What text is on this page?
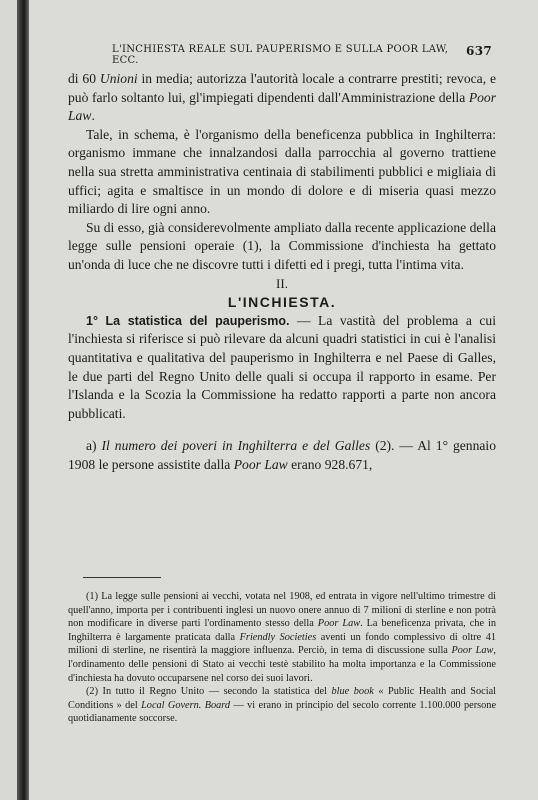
L'INCHIESTA REALE SUL PAUPERISMO E SULLA POOR LAW, ECC.
637

di 60 Unioni in media; autorizza l'autorità locale a contrarre prestiti; revoca, e può farlo soltanto lui, gl'impiegati dipendenti dall'Amministrazione della Poor Law.

Tale, in schema, è l'organismo della beneficenza pubblica in Inghilterra: organismo immane che innalzandosi dalla parrocchia al governo trattiene nella sua stretta amministrativa centinaia di stabilimenti pubblici e migliaia di uffici; agita e smaltisce in un mondo di dolore e di miseria quasi mezzo miliardo di lire ogni anno.

Su di esso, già considerevolmente ampliato dalla recente applicazione della legge sulle pensioni operaie (1), la Commissione d'inchiesta ha gettato un'onda di luce che ne discovre tutti i difetti ed i pregi, tutta l'intima vita.

II.

L'INCHIESTA.

1° La statistica del pauperismo. — La vastità del problema a cui l'inchiesta si riferisce si può rilevare da alcuni quadri statistici in cui è l'analisi quantitativa e qualitativa del pauperismo in Inghilterra e nel Paese di Galles, le due parti del Regno Unito delle quali si occupa il rapporto in esame. Per l'Islanda e la Scozia la Commissione ha redatto rapporti a parte non ancora pubblicati.

a) Il numero dei poveri in Inghilterra e del Galles (2). — Al 1° gennaio 1908 le persone assistite dalla Poor Law erano 928.671,

(1) La legge sulle pensioni ai vecchi, votata nel 1908, ed entrata in vigore nell'ultimo trimestre di quell'anno, importa per i contribuenti inglesi un nuovo onere annuo di 7 milioni di sterline e non potrà non modificare in diverse parti l'ordinamento stesso della Poor Law. La beneficenza privata, che in Inghilterra è largamente praticata dalla Friendly Societies aventi un fondo complessivo di oltre 41 milioni di sterline, ne risentirà la maggiore influenza. Perciò, in tema di discussione sulla Poor Law, l'ordinamento delle pensioni di Stato ai vecchi testè stabilito ha molta importanza e la Commissione d'inchiesta ha dovuto occuparsene nel corso dei suoi lavori.

(2) In tutto il Regno Unito — secondo la statistica del blue book « Public Health and Social Conditions » del Local Govern. Board — vi erano in principio del secolo corrente 1.100.000 persone quotidianamente soccorse.
